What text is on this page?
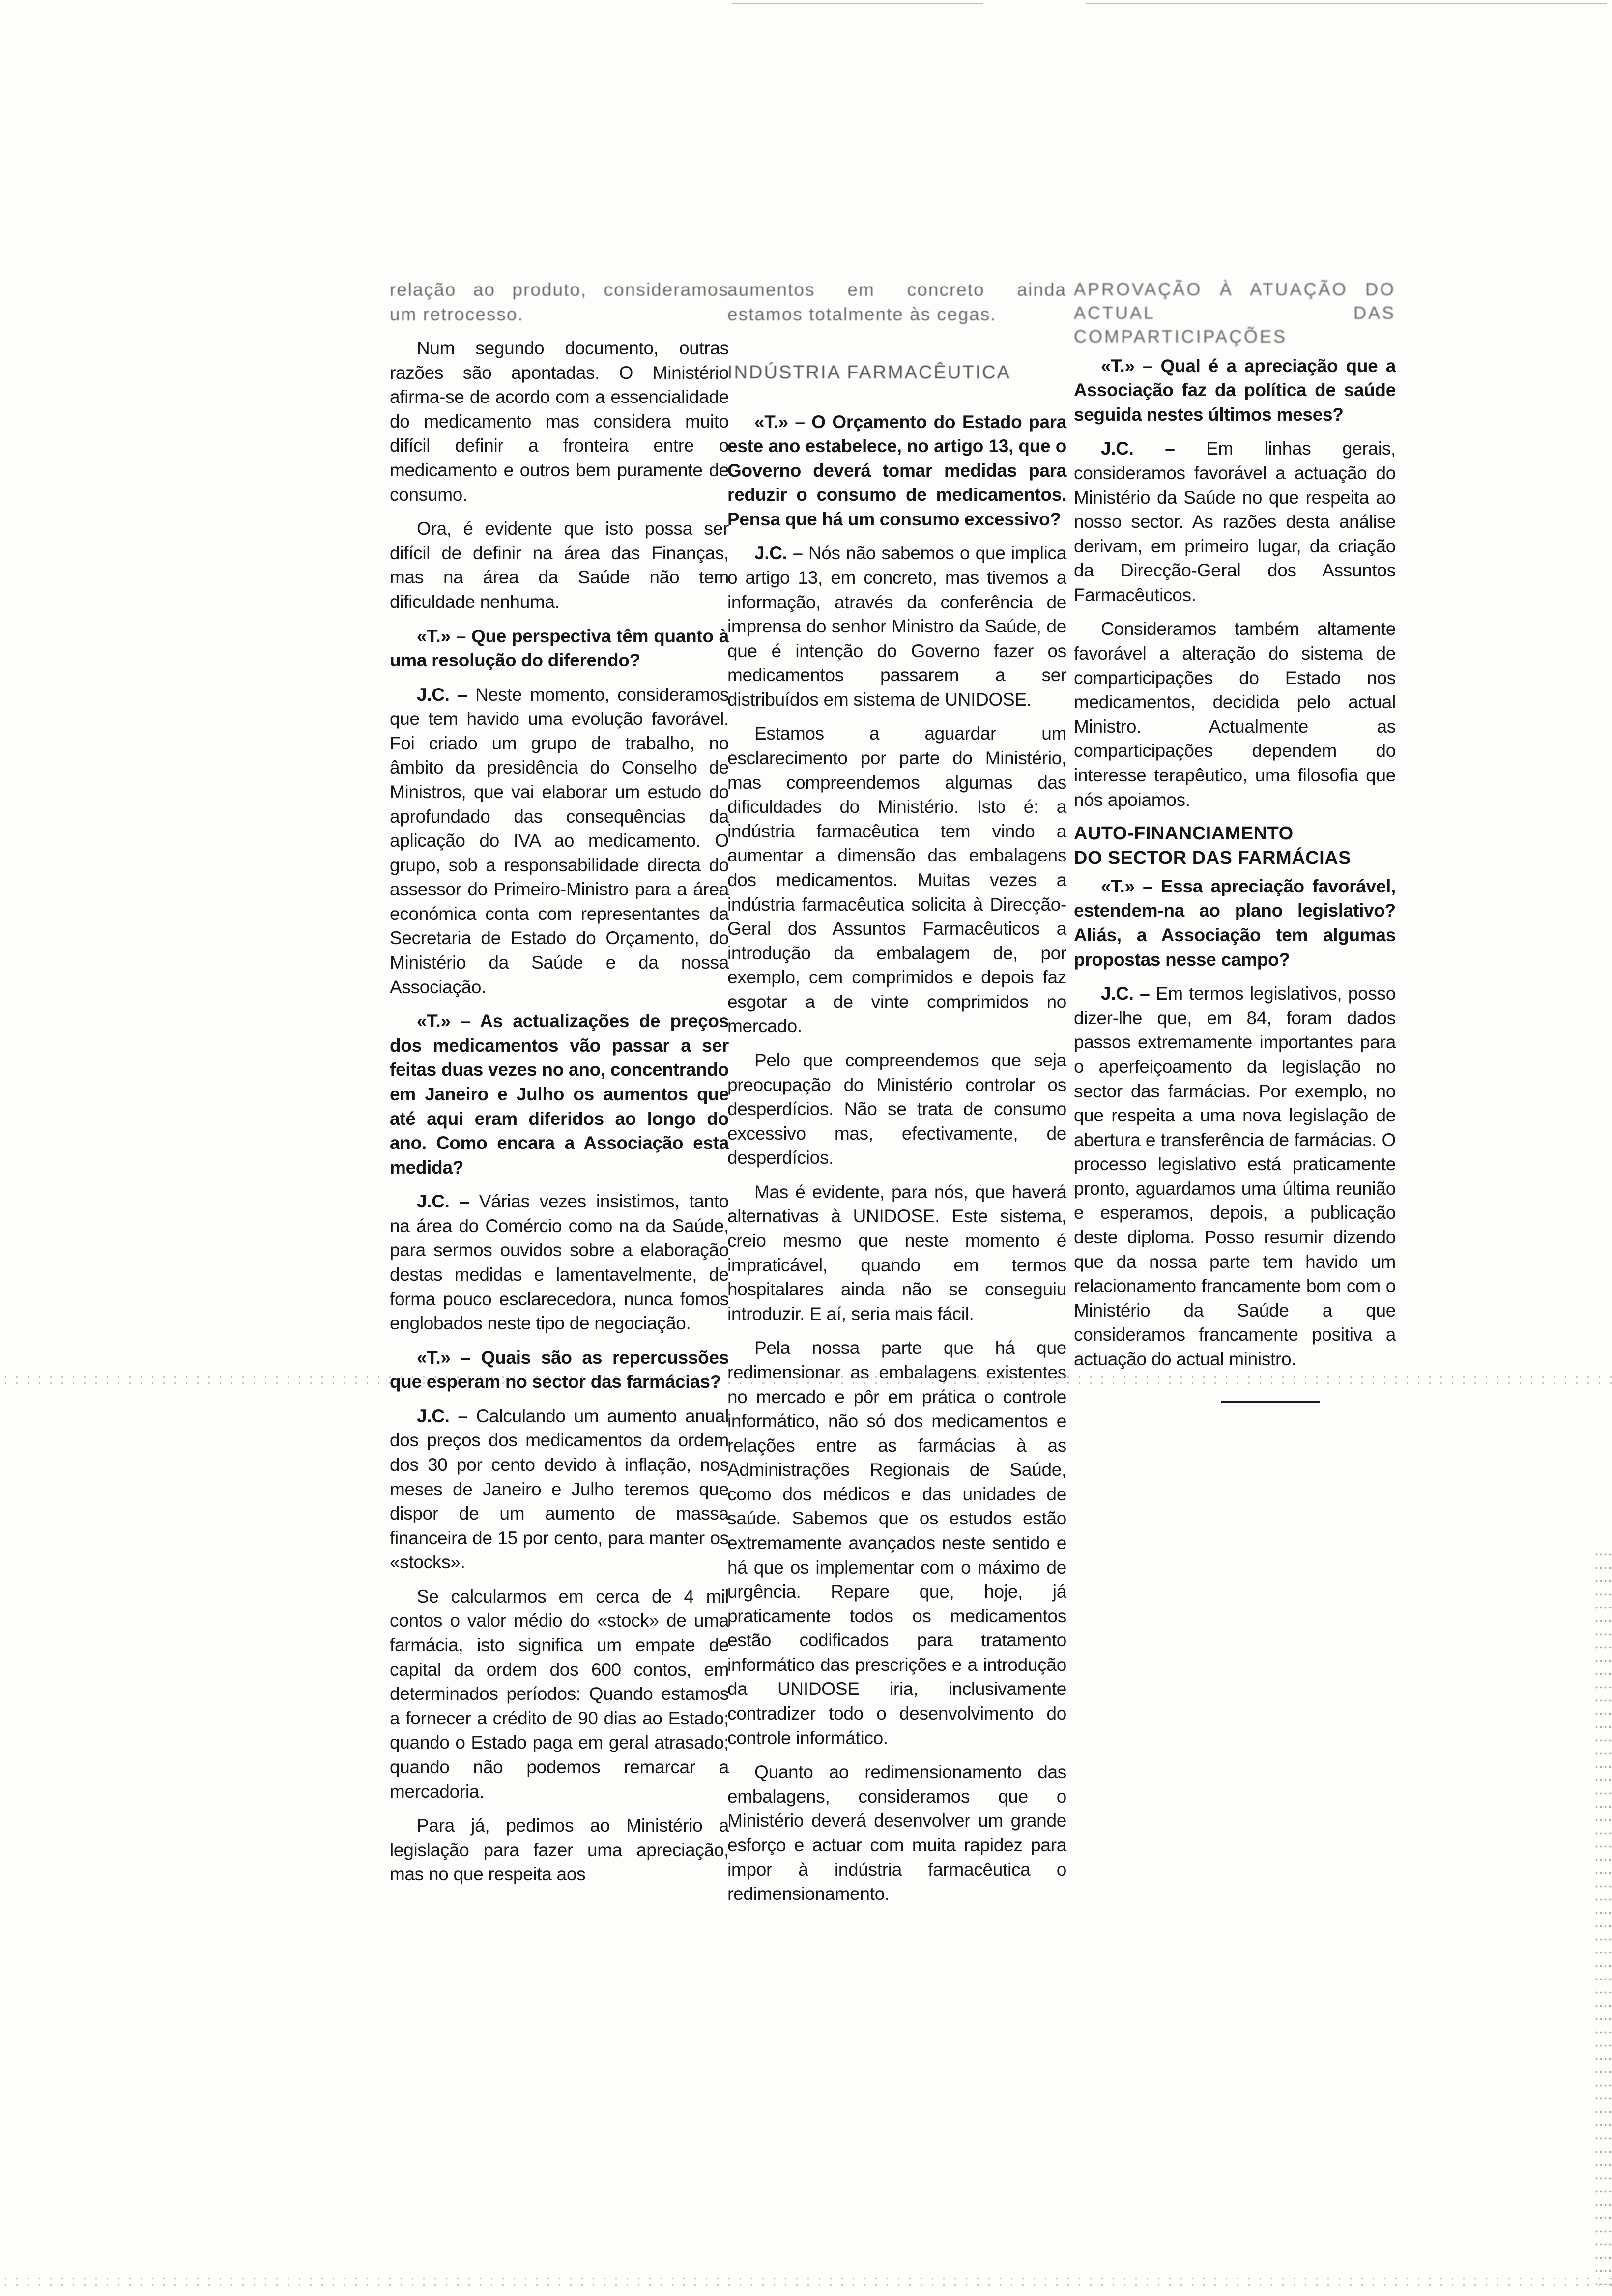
relação ao produto, consideramos um retrocesso.

Num segundo documento, outras razões são apontadas. O Ministério afirma-se de acordo com a essencialidade do medicamento mas considera muito difícil definir a fronteira entre o medicamento e outros bem puramente de consumo.

Ora, é evidente que isto possa ser difícil de definir na área das Finanças, mas na área da Saúde não tem dificuldade nenhuma.

«T.» – Que perspectiva têm quanto à uma resolução do diferendo?

J.C. – Neste momento, consideramos que tem havido uma evolução favorável. Foi criado um grupo de trabalho, no âmbito da presidência do Conselho de Ministros, que vai elaborar um estudo do aprofundado das consequências da aplicação do IVA ao medicamento. O grupo, sob a responsabilidade directa do assessor do Primeiro-Ministro para a área económica conta com representantes da Secretaria de Estado do Orçamento, do Ministério da Saúde e da nossa Associação.

«T.» – As actualizações de preços dos medicamentos vão passar a ser feitas duas vezes no ano, concentrando em Janeiro e Julho os aumentos que até aqui eram diferidos ao longo do ano. Como encara a Associação esta medida?

J.C. – Várias vezes insistimos, tanto na área do Comércio como na da Saúde, para sermos ouvidos sobre a elaboração destas medidas e lamentavelmente, de forma pouco esclarecedora, nunca fomos englobados neste tipo de negociação.

«T.» – Quais são as repercussões que esperam no sector das farmácias?

J.C. – Calculando um aumento anual dos preços dos medicamentos da ordem dos 30 por cento devido à inflação, nos meses de Janeiro e Julho teremos que dispor de um aumento de massa financeira de 15 por cento, para manter os «stocks».

Se calcularmos em cerca de 4 mil contos o valor médio do «stock» de uma farmácia, isto significa um empate de capital da ordem dos 600 contos, em determinados períodos: Quando estamos a fornecer a crédito de 90 dias ao Estado; quando o Estado paga em geral atrasado; quando não podemos remarcar a mercadoria.

Para já, pedimos ao Ministério a legislação para fazer uma apreciação, mas no que respeita aos

aumentos em concreto ainda estamos totalmente às cegas.

INDÚSTRIA FARMACÊUTICA

«T.» – O Orçamento do Estado para este ano estabelece, no artigo 13, que o Governo deverá tomar medidas para reduzir o consumo de medicamentos. Pensa que há um consumo excessivo?

J.C. – Nós não sabemos o que implica o artigo 13, em concreto, mas tivemos a informação, através da conferência de imprensa do senhor Ministro da Saúde, de que é intenção do Governo fazer os medicamentos passarem a ser distribuídos em sistema de UNIDOSE.

Estamos a aguardar um esclarecimento por parte do Ministério, mas compreendemos algumas das dificuldades do Ministério. Isto é: a indústria farmacêutica tem vindo a aumentar a dimensão das embalagens dos medicamentos. Muitas vezes a indústria farmacêutica solicita à Direcção-Geral dos Assuntos Farmacêuticos a introdução da embalagem de, por exemplo, cem comprimidos e depois faz esgotar a de vinte comprimidos no mercado.

Pelo que compreendemos que seja preocupação do Ministério controlar os desperdícios. Não se trata de consumo excessivo mas, efectivamente, de desperdícios.

Mas é evidente, para nós, que haverá alternativas à UNIDOSE. Este sistema, creio mesmo que neste momento é impraticável, quando em termos hospitalares ainda não se conseguiu introduzir. E aí, seria mais fácil.

Pela nossa parte que há que redimensionar as embalagens existentes no mercado e pôr em prática o controle informático, não só dos medicamentos e relações entre as farmácias à as Administrações Regionais de Saúde, como dos médicos e das unidades de saúde. Sabemos que os estudos estão extremamente avançados neste sentido e há que os implementar com o máximo de urgência. Repare que, hoje, já praticamente todos os medicamentos estão codificados para tratamento informático das prescrições e a introdução da UNIDOSE iria, inclusivamente contradizer todo o desenvolvimento do controle informático.

Quanto ao redimensionamento das embalagens, consideramos que o Ministério deverá desenvolver um grande esforço e actuar com muita rapidez para impor à indústria farmacêutica o redimensionamento.

APROVAÇÃO À ATUAÇÃO DO ACTUAL DAS COMPARTICIPAÇÕES

«T.» – Qual é a apreciação que a Associação faz da política de saúde seguida nestes últimos meses?

J.C. – Em linhas gerais, consideramos favorável a actuação do Ministério da Saúde no que respeita ao nosso sector. As razões desta análise derivam, em primeiro lugar, da criação da Direcção-Geral dos Assuntos Farmacêuticos.

Consideramos também altamente favorável a alteração do sistema de comparticipações do Estado nos medicamentos, decidida pelo actual Ministro. Actualmente as comparticipações dependem do interesse terapêutico, uma filosofia que nós apoiamos.

AUTO-FINANCIAMENTO
DO SECTOR DAS FARMÁCIAS

«T.» – Essa apreciação favorável, estendem-na ao plano legislativo? Aliás, a Associação tem algumas propostas nesse campo?

J.C. – Em termos legislativos, posso dizer-lhe que, em 84, foram dados passos extremamente importantes para o aperfeiçoamento da legislação no sector das farmácias. Por exemplo, no que respeita a uma nova legislação de abertura e transferência de farmácias. O processo legislativo está praticamente pronto, aguardamos uma última reunião e esperamos, depois, a publicação deste diploma. Posso resumir dizendo que da nossa parte tem havido um relacionamento francamente bom com o Ministério da Saúde a que consideramos francamente positiva a actuação do actual ministro.
